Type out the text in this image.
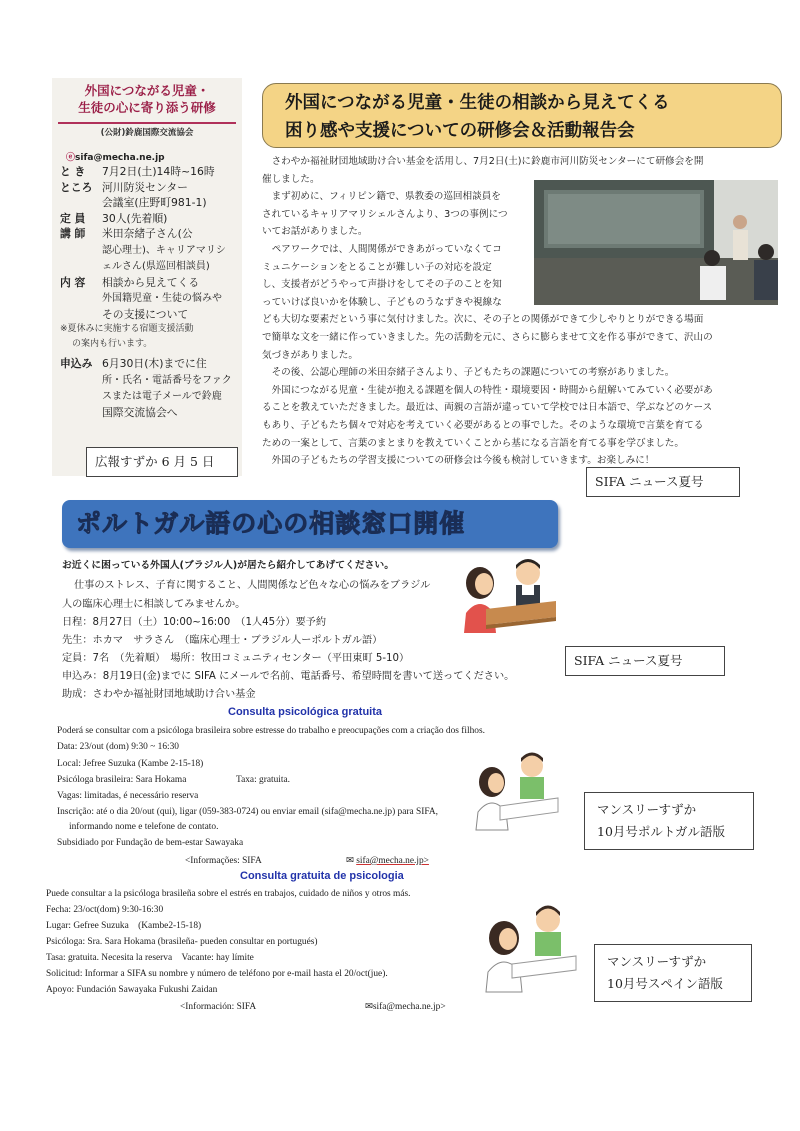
外国につながる児童・
生徒の心に寄り添う研修
(公財)鈴鹿国際交流協会
ⓔsifa@mecha.ne.jp
と き 7月2日(土)14時~16時
ところ 河川防災センター
会議室(庄野町981-1)
定 員 30人(先着順)
講 師 米田奈緒子さん(公
認心理士)、キャリアマリシ
ェルさん(県巡回相談員)
内 容 相談から見えてくる
外国籍児童・生徒の悩みや
その支援について
※夏休みに実施する宿題支援活動
の案内も行います。
申込み 6月30日(木)までに住
所・氏名・電話番号をファク
スまたは電子メールで鈴鹿
国際交流協会へ
広報すずか 6 月 5 日
外国につながる児童・生徒の相談から見えてくる
困り感や支援についての研修会＆活動報告会
さわやか福祉財団地域助け合い基金を活用し、7月2日(土)に鈴鹿市河川防災センターにて研修会を開
催しました。
まず初めに、フィリピン籍で、県教委の巡回相談員を
されているキャリアマリシェルさんより、3つの事例につ
いてお話がありました。
ペアワークでは、人間関係ができあがっていなくてコ
ミュニケーションをとることが難しい子の対応を設定
し、支援者がどうやって声掛けをしてその子のことを知
っていけば良いかを体験し、子どものうなずきや視線な
ども大切な要素だという事に気付けました。次に、その子との関係ができて少しやりとりができる場面
で簡単な文を一緒に作っていきました。先の活動を元に、さらに膨らませて文を作る事ができて、沢山の
気づきがありました。
その後、公認心理師の米田奈緒子さんより、子どもたちの課題についての考察がありました。
外国につながる児童・生徒が抱える課題を個人の特性・環境要因・時間から紐解いてみていく必要があ
ることを教えていただきました。最近は、両親の言語が違っていて学校では日本語で、学ぶなどのケース
もあり、子どもたち個々で対応を考えていく必要があるとの事でした。そのような環境で言葉を育てる
ための一案として、言葉のまとまりを教えていくことから基になる言語を育てる事を学びました。
外国の子どもたちの学習支援についての研修会は今後も検討していきます。お楽しみに！
SIFA ニュース夏号
ポルトガル語の心の相談窓口開催
お近くに困っている外国人(ブラジル人)が居たら紹介してあげてください。
仕事のストレス、子育に関すること、人間関係など色々な心の悩みをブラジル
人の臨床心理士に相談してみませんか。
日程：8月27日（土）10:00~16:00　（1人45分）要予約
先生：ホカマ　サラさん　（臨床心理士・ブラジル人ーポルトガル語）
定員：7名　（先着順）　場所：牧田コミュニティセンター（平田東町 5-10）
申込み：8月19日(金)までに SIFA にメールで名前、電話番号、希望時間を書いて送ってください。
助成：さわやか福祉財団地域助け合い基金
SIFA ニュース夏号
Consulta psicológica gratuita
Poderá se consultar com a psicóloga brasileira sobre estresse do trabalho e preocupações com a criação dos filhos.
Data: 23/out (dom) 9:30 ~ 16:30
Local: Jefree Suzuka (Kambe 2-15-18)
Psicóloga brasileira: Sara Hokama	Taxa: gratuita.
Vagas: limitadas, é necessário reserva
Inscrição: até o dia 20/out (qui), ligar (059-383-0724) ou enviar email (sifa@mecha.ne.jp) para SIFA,
informando nome e telefone de contato.
Subsidiado por Fundação de bem-estar Sawayaka
<Informações: SIFA	✉ sifa@mecha.ne.jp>
マンスリーすずか
10月号ポルトガル語版
Consulta gratuita de psicologia
Puede consultar a la psicóloga brasileña sobre el estrés en trabajos, cuidado de niños y otros más.
Fecha: 23/oct(dom) 9:30-16:30
Lugar: Gefree Suzuka　(Kambe2-15-18)
Psicóloga: Sra. Sara Hokama (brasileña- pueden consultar en portugués)
Tasa: gratuita. Necesita la reserva　Vacante: hay límite
Solicitud: Informar a SIFA su nombre y número de teléfono por e-mail hasta el 20/oct(jue).
Apoyo: Fundación Sawayaka Fukushi Zaidan
<Información: SIFA	✉sifa@mecha.ne.jp>
マンスリーすずか
10月号スペイン語版
